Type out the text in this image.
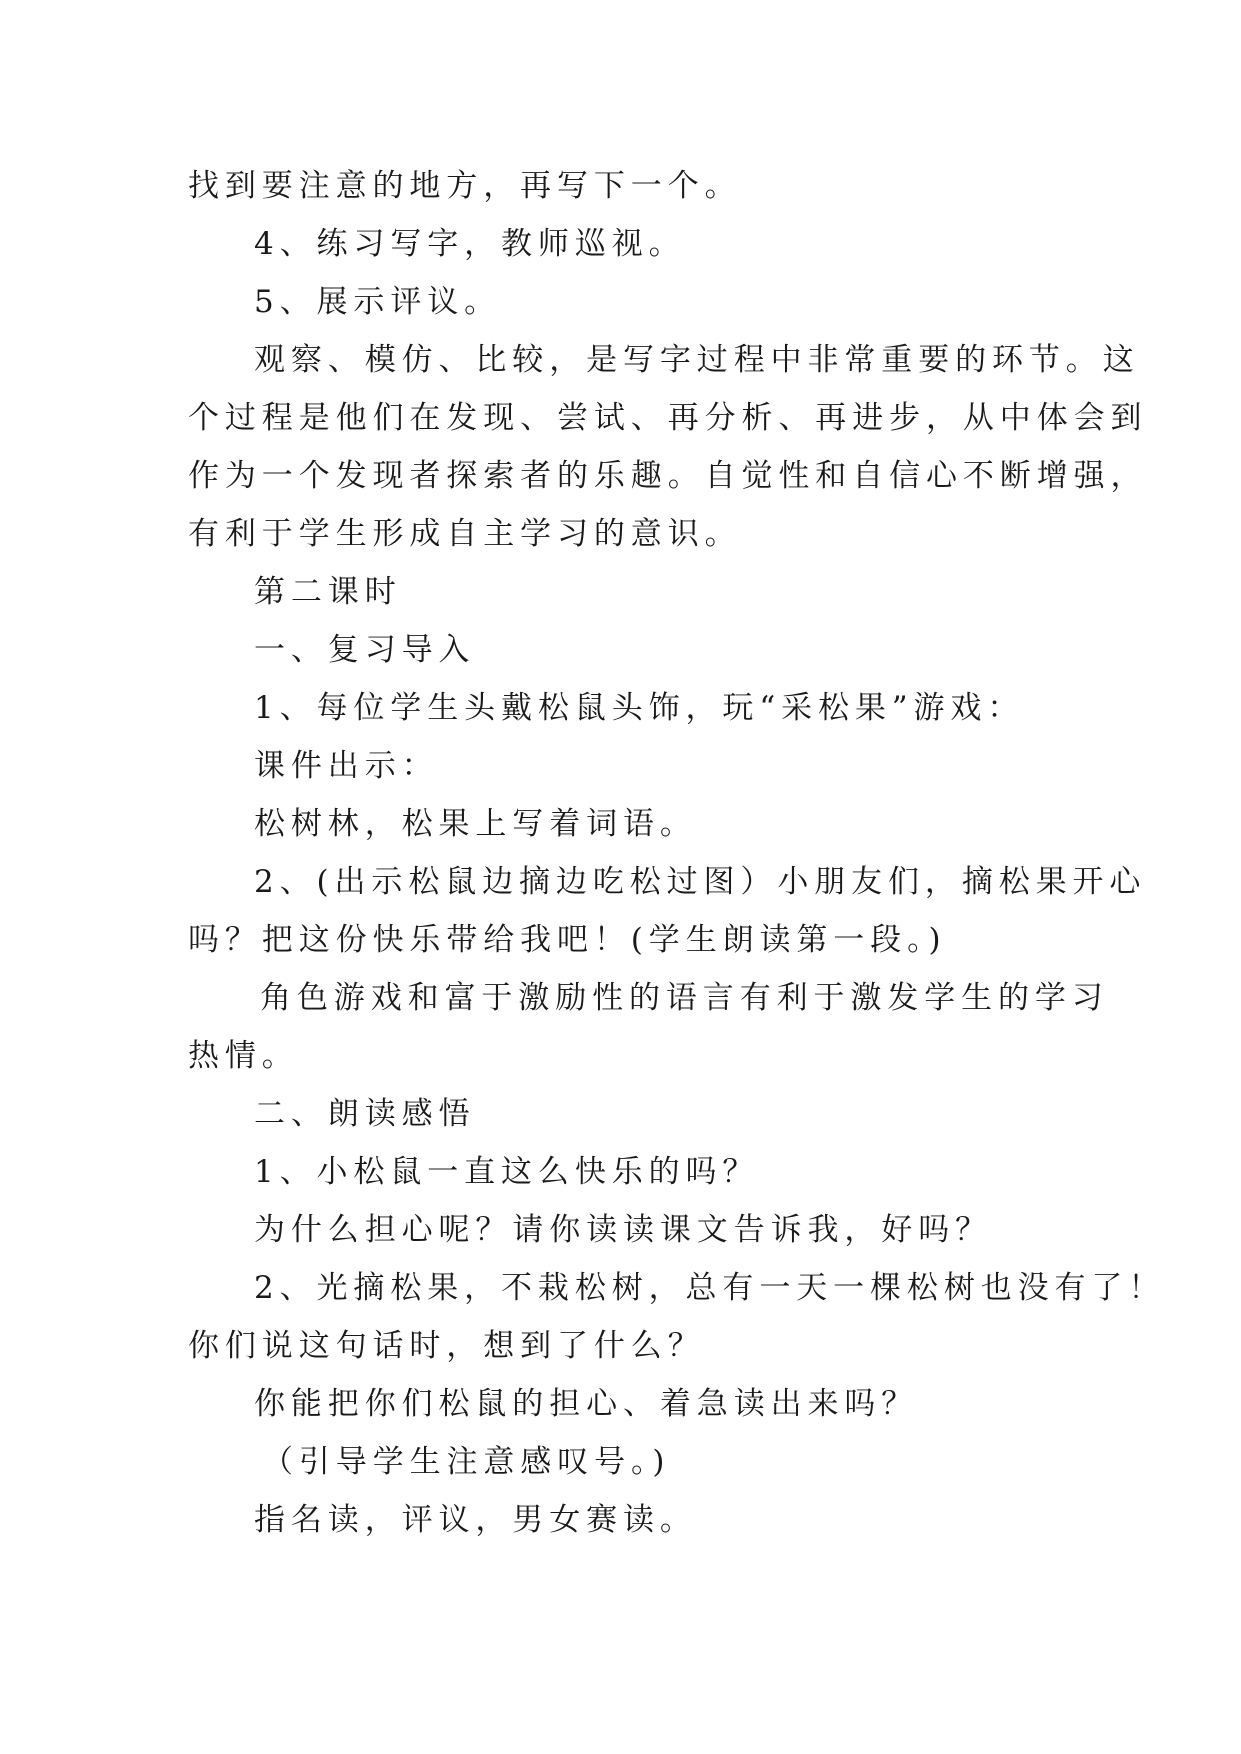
找到要注意的地方，再写下一个。
4、练习写字，教师巡视。
5、展示评议。
观察、模仿、比较，是写字过程中非常重要的环节。这
个过程是他们在发现、尝试、再分析、再进步，从中体会到
作为一个发现者探索者的乐趣。自觉性和自信心不断增强，
有利于学生形成自主学习的意识。
第二课时
一、复习导入
1、每位学生头戴松鼠头饰，玩“采松果”游戏：
课件出示：
松树林，松果上写着词语。
2、(出示松鼠边摘边吃松过图）小朋友们，摘松果开心
吗？把这份快乐带给我吧！(学生朗读第一段。)
角色游戏和富于激励性的语言有利于激发学生的学习
热情。
二、朗读感悟
1、小松鼠一直这么快乐的吗？
为什么担心呢？请你读读课文告诉我，好吗？
2、光摘松果，不栽松树，总有一天一棵松树也没有了！
你们说这句话时，想到了什么？
你能把你们松鼠的担心、着急读出来吗？
（引导学生注意感叹号。)
指名读，评议，男女赛读。
